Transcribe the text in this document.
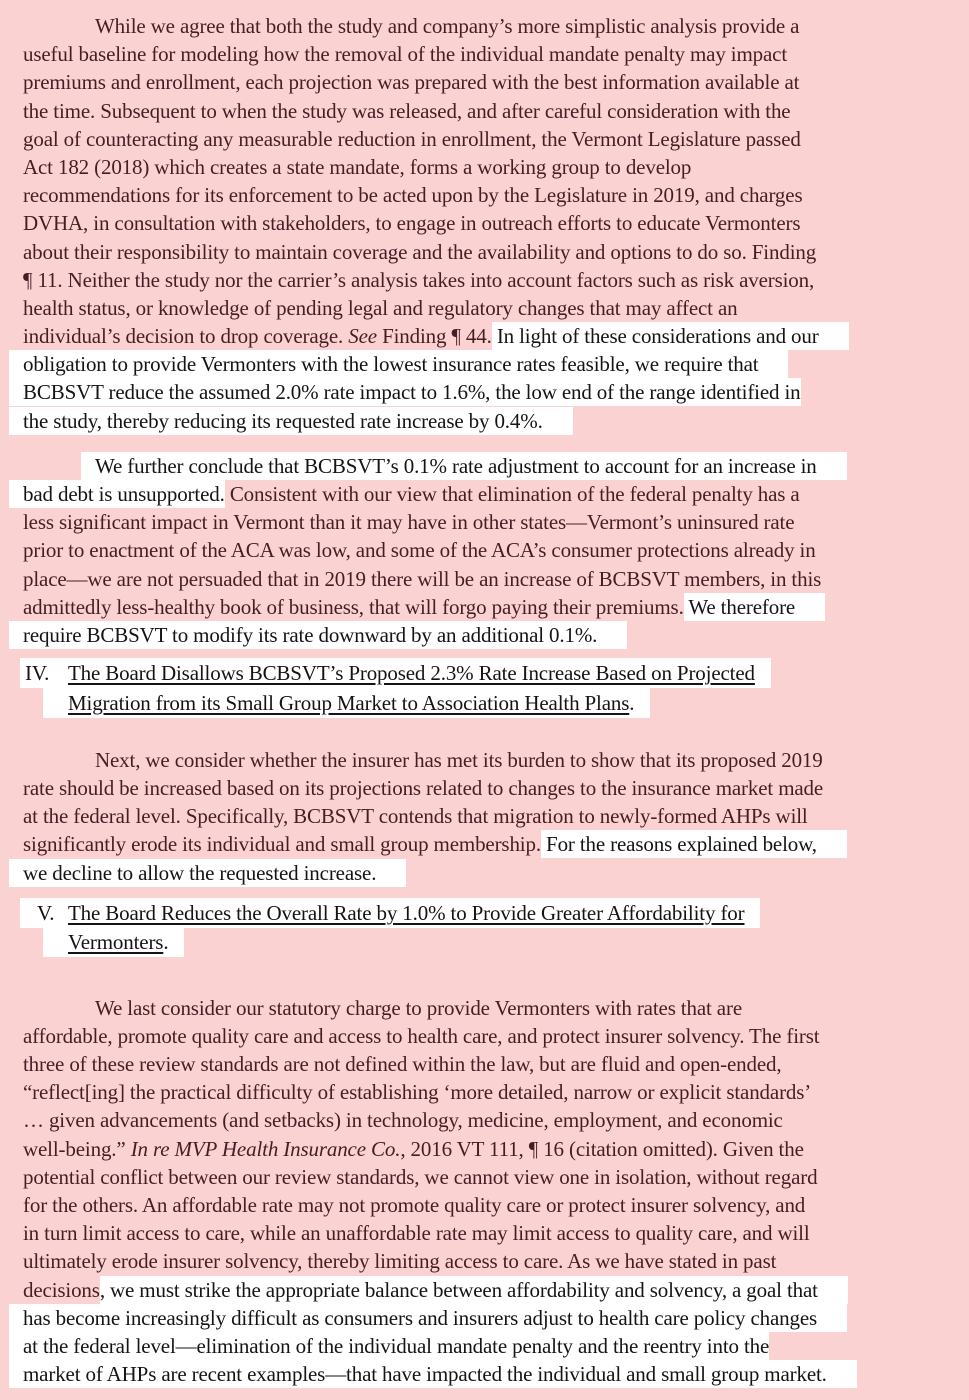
While we agree that both the study and company’s more simplistic analysis provide a
useful baseline for modeling how the removal of the individual mandate penalty may impact
premiums and enrollment, each projection was prepared with the best information available at
the time. Subsequent to when the study was released, and after careful consideration with the
goal of counteracting any measurable reduction in enrollment, the Vermont Legislature passed
Act 182 (2018) which creates a state mandate, forms a working group to develop
recommendations for its enforcement to be acted upon by the Legislature in 2019, and charges
DVHA, in consultation with stakeholders, to engage in outreach efforts to educate Vermonters
about their responsibility to maintain coverage and the availability and options to do so. Finding
¶ 11. Neither the study nor the carrier’s analysis takes into account factors such as risk aversion,
health status, or knowledge of pending legal and regulatory changes that may affect an
individual’s decision to drop coverage. See Finding ¶ 44. In light of these considerations and our
obligation to provide Vermonters with the lowest insurance rates feasible, we require that
BCBSVT reduce the assumed 2.0% rate impact to 1.6%, the low end of the range identified in
the study, thereby reducing its requested rate increase by 0.4%.
We further conclude that BCBSVT’s 0.1% rate adjustment to account for an increase in
bad debt is unsupported. Consistent with our view that elimination of the federal penalty has a
less significant impact in Vermont than it may have in other states—Vermont’s uninsured rate
prior to enactment of the ACA was low, and some of the ACA’s consumer protections already in
place—we are not persuaded that in 2019 there will be an increase of BCBSVT members, in this
admittedly less-healthy book of business, that will forgo paying their premiums. We therefore
require BCBSVT to modify its rate downward by an additional 0.1%.
IV. The Board Disallows BCBSVT’s Proposed 2.3% Rate Increase Based on Projected
Migration from its Small Group Market to Association Health Plans.
Next, we consider whether the insurer has met its burden to show that its proposed 2019
rate should be increased based on its projections related to changes to the insurance market made
at the federal level. Specifically, BCBSVT contends that migration to newly-formed AHPs will
significantly erode its individual and small group membership. For the reasons explained below,
we decline to allow the requested increase.
V. The Board Reduces the Overall Rate by 1.0% to Provide Greater Affordability for
Vermonters.
We last consider our statutory charge to provide Vermonters with rates that are
affordable, promote quality care and access to health care, and protect insurer solvency. The first
three of these review standards are not defined within the law, but are fluid and open-ended,
“reflect[ing] the practical difficulty of establishing ‘more detailed, narrow or explicit standards’
… given advancements (and setbacks) in technology, medicine, employment, and economic
well-being.” In re MVP Health Insurance Co., 2016 VT 111, ¶ 16 (citation omitted). Given the
potential conflict between our review standards, we cannot view one in isolation, without regard
for the others. An affordable rate may not promote quality care or protect insurer solvency, and
in turn limit access to care, while an unaffordable rate may limit access to quality care, and will
ultimately erode insurer solvency, thereby limiting access to care. As we have stated in past
decisions, we must strike the appropriate balance between affordability and solvency, a goal that
has become increasingly difficult as consumers and insurers adjust to health care policy changes
at the federal level—elimination of the individual mandate penalty and the reentry into the
market of AHPs are recent examples—that have impacted the individual and small group market.
